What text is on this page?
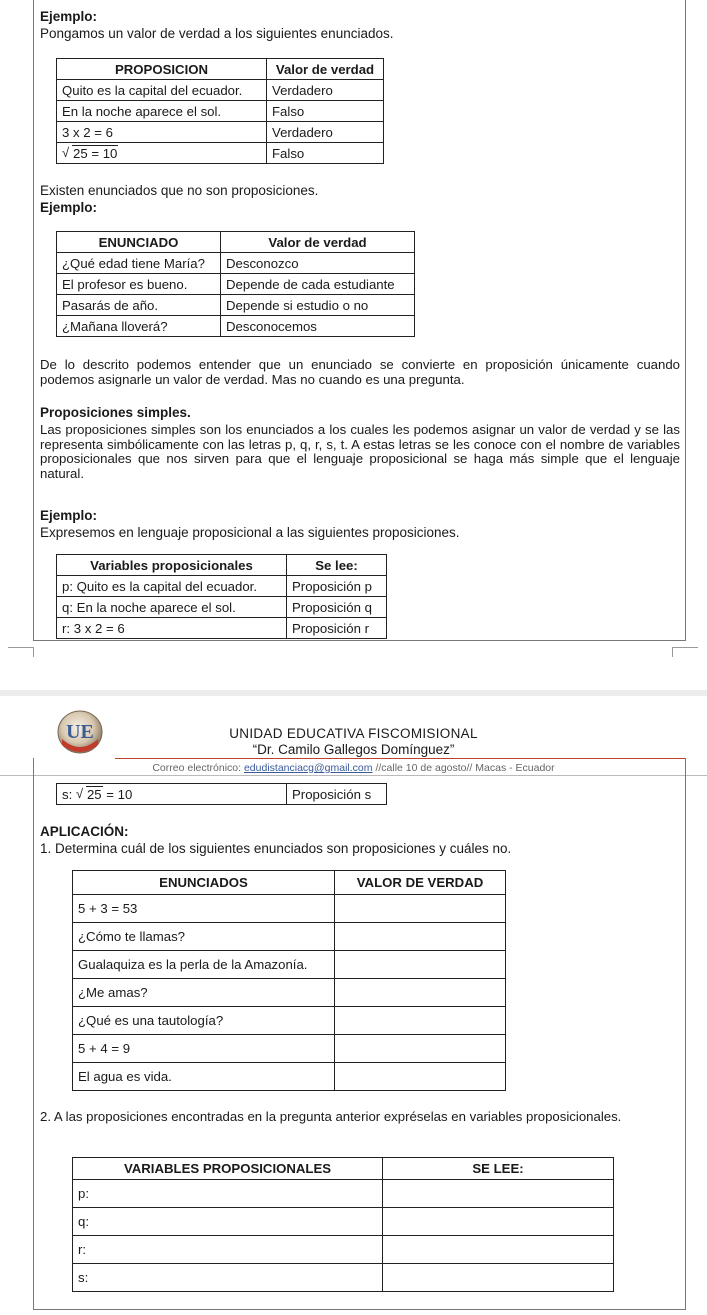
Ejemplo:
Pongamos un valor de verdad a los siguientes enunciados.
PROPOSICION	Valor de verdad
Quito es la capital del ecuador.	Verdadero
En la noche aparece el sol.	Falso
3 x 2 = 6	Verdadero

√ 25 = 10	Falso
Existen enunciados que no son proposiciones.
Ejemplo:
ENUNCIADO	Valor de verdad
¿Qué edad tiene María?	Desconozco
El profesor es bueno.	Depende de cada estudiante
Pasarás de año.	Depende si estudio o no
¿Mañana lloverá?	Desconocemos
De lo descrito podemos entender que un enunciado se convierte en proposición únicamente cuando podemos asignarle un valor de verdad. Mas no cuando es una pregunta.
Proposiciones simples.
Las proposiciones simples son los enunciados a los cuales les podemos asignar un valor de verdad y se las representa simbólicamente con las letras p, q, r, s, t. A estas letras se les conoce con el nombre de variables proposicionales que nos sirven para que el lenguaje proposicional se haga más simple que el lenguaje natural.
Ejemplo:
Expresemos en lenguaje proposicional a las siguientes proposiciones.
Variables proposicionales	Se lee:
p: Quito es la capital del ecuador.	Proposición p
q: En la noche aparece el sol.	Proposición q
r: 3 x 2 = 6	Proposición r
UE	UNIDAD EDUCATIVA FISCOMISIONAL
“Dr. Camilo Gallegos Domínguez”
Correo electrónico: edudistanciacg@gmail.com //calle 10 de agosto// Macas - Ecuador
s: √ 25 = 10	Proposición s
APLICACIÓN:
1. Determina cuál de los siguientes enunciados son proposiciones y cuáles no.
ENUNCIADOS	VALOR DE VERDAD
5 + 3 = 53	
¿Cómo te llamas?	
Gualaquiza es la perla de la Amazonía.	
¿Me amas?	
¿Qué es una tautología?	
5 + 4 = 9	
El agua es vida.	
2. A las proposiciones encontradas en la pregunta anterior expréselas en variables proposicionales.
VARIABLES PROPOSICIONALES	SE LEE:
p:	
q:	
r:	
s:	
